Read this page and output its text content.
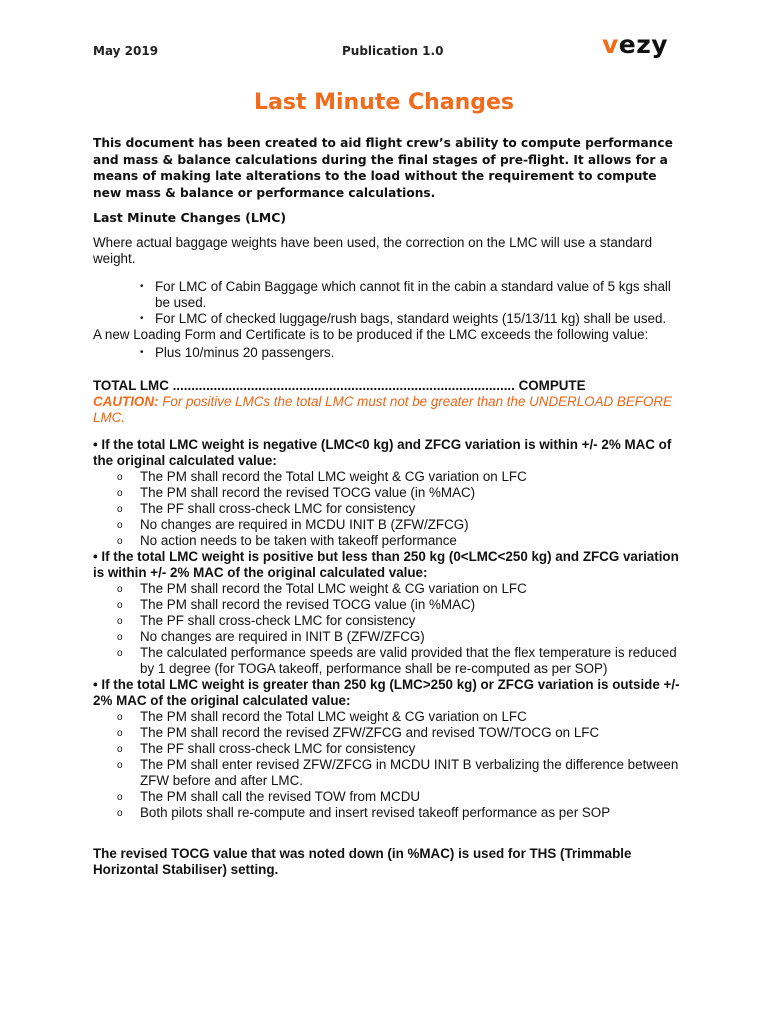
May 2019	Publication 1.0	vezy
Last Minute Changes
This document has been created to aid flight crew’s ability to compute performance and mass & balance calculations during the final stages of pre-flight. It allows for a means of making late alterations to the load without the requirement to compute new mass & balance or performance calculations.

Last Minute Changes (LMC)

Where actual baggage weights have been used, the correction on the LMC will use a standard weight.

• For LMC of Cabin Baggage which cannot fit in the cabin a standard value of 5 kgs shall be used.
• For LMC of checked luggage/rush bags, standard weights (15/13/11 kg) shall be used.

A new Loading Form and Certificate is to be produced if the LMC exceeds the following value:

• Plus 10/minus 20 passengers.

TOTAL LMC ............................................................................................ COMPUTE

CAUTION: For positive LMCs the total LMC must not be greater than the UNDERLOAD BEFORE LMC.

• If the total LMC weight is negative (LMC<0 kg) and ZFCG variation is within +/- 2% MAC of the original calculated value:

o The PM shall record the Total LMC weight & CG variation on LFC
o The PM shall record the revised TOCG value (in %MAC)
o The PF shall cross-check LMC for consistency
o No changes are required in MCDU INIT B (ZFW/ZFCG)
o No action needs to be taken with takeoff performance

• If the total LMC weight is positive but less than 250 kg (0<LMC<250 kg) and ZFCG variation is within +/- 2% MAC of the original calculated value:

o The PM shall record the Total LMC weight & CG variation on LFC
o The PM shall record the revised TOCG value (in %MAC)
o The PF shall cross-check LMC for consistency
o No changes are required in INIT B (ZFW/ZFCG)
o The calculated performance speeds are valid provided that the flex temperature is reduced by 1 degree (for TOGA takeoff, performance shall be re-computed as per SOP)

• If the total LMC weight is greater than 250 kg (LMC>250 kg) or ZFCG variation is outside +/- 2% MAC of the original calculated value:

o The PM shall record the Total LMC weight & CG variation on LFC
o The PM shall record the revised ZFW/ZFCG and revised TOW/TOCG on LFC
o The PF shall cross-check LMC for consistency
o The PM shall enter revised ZFW/ZFCG in MCDU INIT B verbalizing the difference between ZFW before and after LMC.
o The PM shall call the revised TOW from MCDU
o Both pilots shall re-compute and insert revised takeoff performance as per SOP

The revised TOCG value that was noted down (in %MAC) is used for THS (Trimmable Horizontal Stabiliser) setting.
